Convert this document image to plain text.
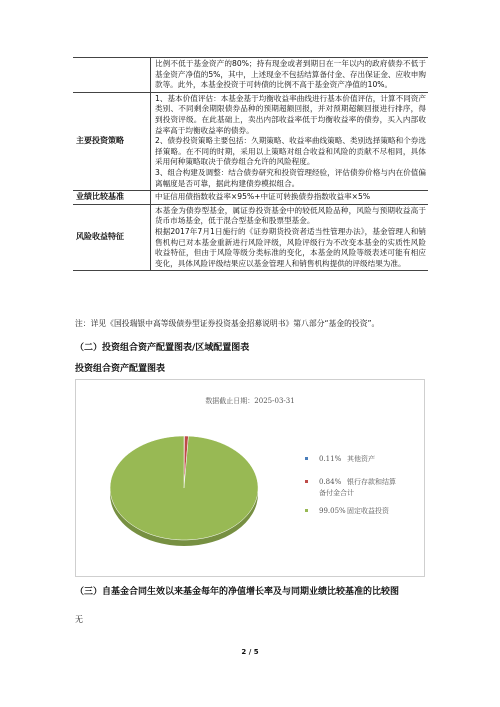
	比例不低于基金资产的80%；持有现金或者到期日在一年以内的政府债券不低于基金资产净值的5%，其中，上述现金不包括结算备付金、存出保证金、应收申购款等。此外，本基金投资于可转债的比例不高于基金资产净值的10%。
主要投资策略	1、基本价值评估：本基金基于均衡收益率曲线进行基本价值评估，计算不同资产类别、不同剩余期限债券品种的预期超额回报，并对预期超额回报进行排序，得到投资评级。在此基础上，卖出内部收益率低于均衡收益率的债券，买入内部收益率高于均衡收益率的债券。

2、债券投资策略主要包括：久期策略、收益率曲线策略、类别选择策略和个券选择策略。在不同的时期，采用以上策略对组合收益和风险的贡献不尽相同，具体采用何种策略取决于债券组合允许的风险程度。

3、组合构建及调整：结合债券研究和投资管理经验，评估债券价格与内在价值偏离幅度是否可靠，据此构建债券模拟组合。

业绩比较基准	中证信用债指数收益率×95%+中证可转换债券指数收益率×5%
风险收益特征	本基金为债券型基金，属证券投资基金中的较低风险品种，风险与预期收益高于货币市场基金，低于混合型基金和股票型基金。

根据2017年7月1日施行的《证券期货投资者适当性管理办法》，基金管理人和销售机构已对本基金重新进行风险评级，风险评级行为不改变本基金的实质性风险收益特征，但由于风险等级分类标准的变化，本基金的风险等级表述可能有相应变化，具体风险评级结果应以基金管理人和销售机构提供的评级结果为准。

注：详见《国投瑞银中高等级债券型证券投资基金招募说明书》第八部分“基金的投资”。
（二）投资组合资产配置图表/区域配置图表
投资组合资产配置图表
数据截止日期：2025-03-31
0.11% 其他资产
0.84% 银行存款和结算
备付金合计
99.05% 固定收益投资
（三）自基金合同生效以来基金每年的净值增长率及与同期业绩比较基准的比较图
无
2 / 5
